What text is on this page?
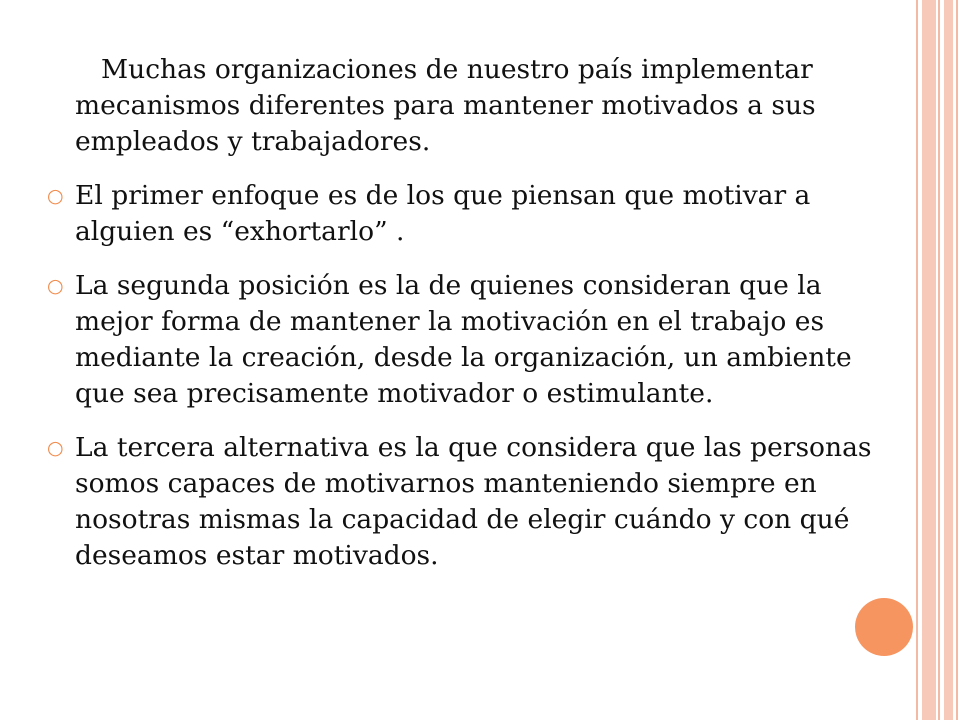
Muchas organizaciones de nuestro país implementar mecanismos diferentes para mantener motivados a sus empleados y trabajadores.

○ El primer enfoque es de los que piensan que motivar a alguien es “exhortarlo” .
○ La segunda posición es la de quienes consideran que la mejor forma de mantener la motivación en el trabajo es mediante la creación, desde la organización, un ambiente que sea precisamente motivador o estimulante.
○ La tercera alternativa es la que considera que las personas somos capaces de motivarnos manteniendo siempre en nosotras mismas la capacidad de elegir cuándo y con qué deseamos estar motivados.
